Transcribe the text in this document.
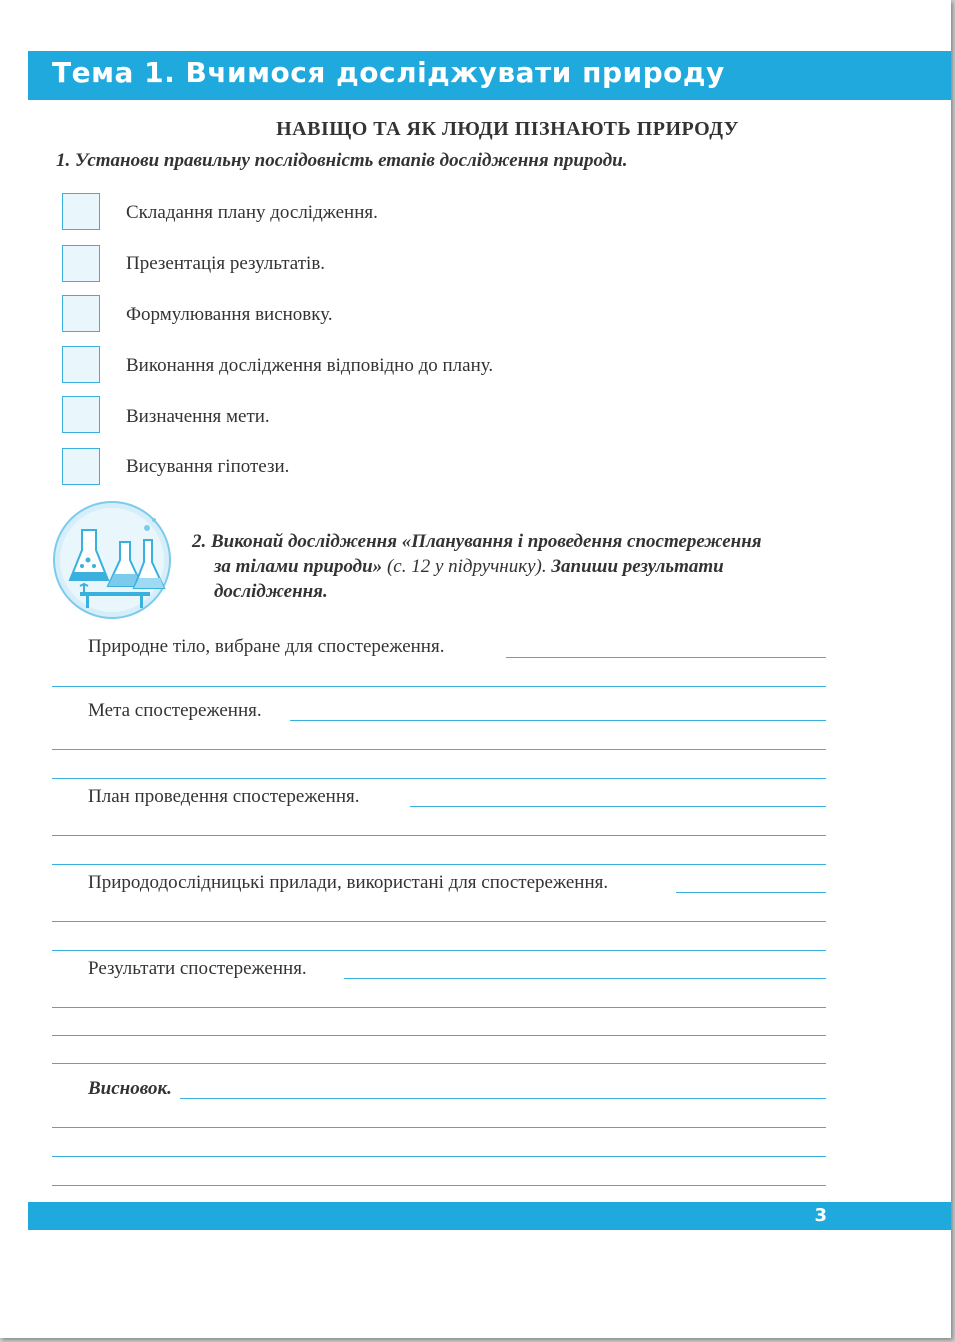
Тема 1. Вчимося досліджувати природу
НАВІЩО ТА ЯК ЛЮДИ ПІЗНАЮТЬ ПРИРОДУ
1. Установи правильну послідовність етапів дослідження природи.
Складання плану дослідження.
Презентація результатів.
Формулювання висновку.
Виконання дослідження відповідно до плану.
Визначення мети.
Висування гіпотези.
2. Виконай дослідження «Планування і проведення спостереження
за тілами природи» (с. 12 у підручнику). Запиши результати
дослідження.
Природне тіло, вибране для спостереження.
Мета спостереження.
План проведення спостереження.
Природодослідницькі прилади, використані для спостереження.
Результати спостереження.
Висновок.
3
